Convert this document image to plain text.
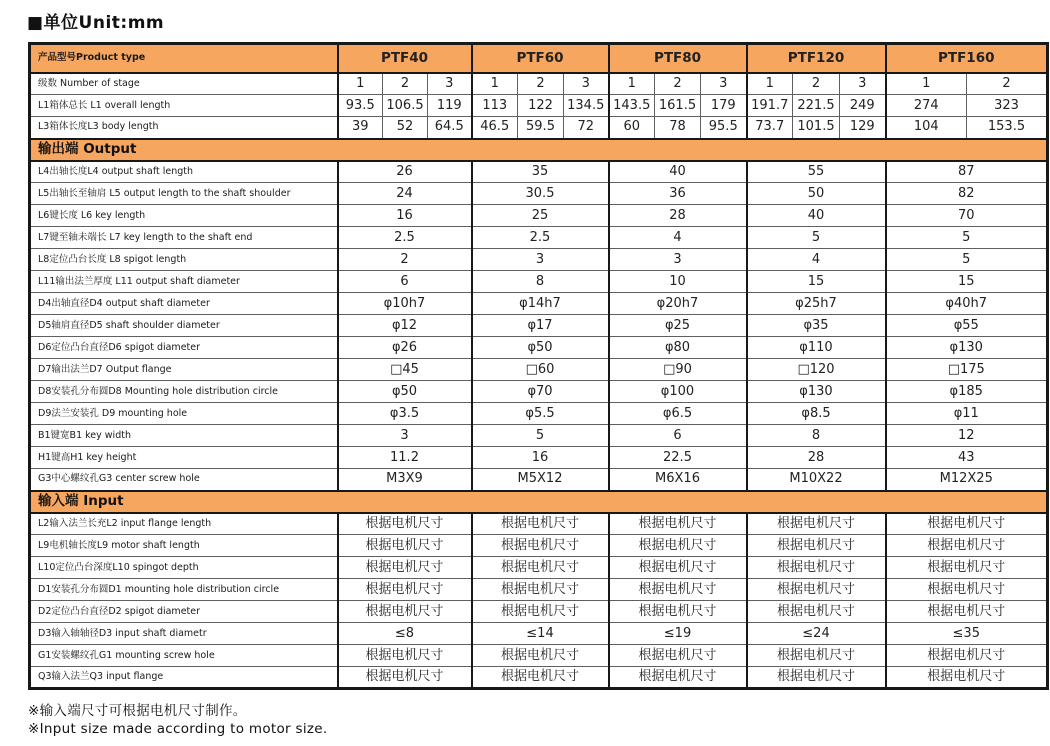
■单位Unit:mm
产品型号Product type	PTF40			PTF60			PTF80			PTF120			PTF160	
级数 Number of stage	1	2	3	1	2	3	1	2	3	1	2	3	1	2
L1箱体总长 L1 overall length	93.5	106.5	119	113	122	134.5	143.5	161.5	179	191.7	221.5	249	274	323
L3箱体长度L3 body length	39	52	64.5	46.5	59.5	72	60	78	95.5	73.7	101.5	129	104	153.5
输出端 Output														
L4出轴长度L4 output shaft length	26			35			40			55			87	
L5出轴长至轴肩 L5 output length to the shaft shoulder	24			30.5			36			50			82	
L6键长度 L6 key length	16			25			28			40			70	
L7键至轴未端长 L7 key length to the shaft end	2.5			2.5			4			5			5	
L8定位凸台长度 L8 spigot length	2			3			3			4			5	
L11输出法兰厚度 L11 output shaft diameter	6			8			10			15			15	
D4出轴直径D4 output shaft diameter	φ10h7			φ14h7			φ20h7			φ25h7			φ40h7	
D5轴肩直径D5 shaft shoulder diameter	φ12			φ17			φ25			φ35			φ55	
D6定位凸台直径D6 spigot diameter	φ26			φ50			φ80			φ110			φ130	
D7输出法兰D7 Output flange	□45			□60			□90			□120			□175	
D8安装孔分布圆D8 Mounting hole distribution circle	φ50			φ70			φ100			φ130			φ185	
D9法兰安装孔 D9 mounting hole	φ3.5			φ5.5			φ6.5			φ8.5			φ11	
B1键宽B1 key width	3			5			6			8			12	
H1键高H1 key height	11.2			16			22.5			28			43	
G3中心螺纹孔G3 center screw hole	M3X9			M5X12			M6X16			M10X22			M12X25	
输入端 Input														
L2输入法兰长充L2 input flange length	根据电机尺寸			根据电机尺寸			根据电机尺寸			根据电机尺寸			根据电机尺寸	
L9电机轴长度L9 motor shaft length	根据电机尺寸			根据电机尺寸			根据电机尺寸			根据电机尺寸			根据电机尺寸	
L10定位凸台深度L10 spingot depth	根据电机尺寸			根据电机尺寸			根据电机尺寸			根据电机尺寸			根据电机尺寸	
D1安装孔分布圆D1 mounting hole distribution circle	根据电机尺寸			根据电机尺寸			根据电机尺寸			根据电机尺寸			根据电机尺寸	
D2定位凸台直径D2 spigot diameter	根据电机尺寸			根据电机尺寸			根据电机尺寸			根据电机尺寸			根据电机尺寸	
D3输入轴轴径D3 input shaft diametr	≤8			≤14			≤19			≤24			≤35	
G1安装螺纹孔G1 mounting screw hole	根据电机尺寸			根据电机尺寸			根据电机尺寸			根据电机尺寸			根据电机尺寸	
Q3输入法兰Q3 input flange	根据电机尺寸			根据电机尺寸			根据电机尺寸			根据电机尺寸			根据电机尺寸	
※输入端尺寸可根据电机尺寸制作。
※Input size made according to motor size.
